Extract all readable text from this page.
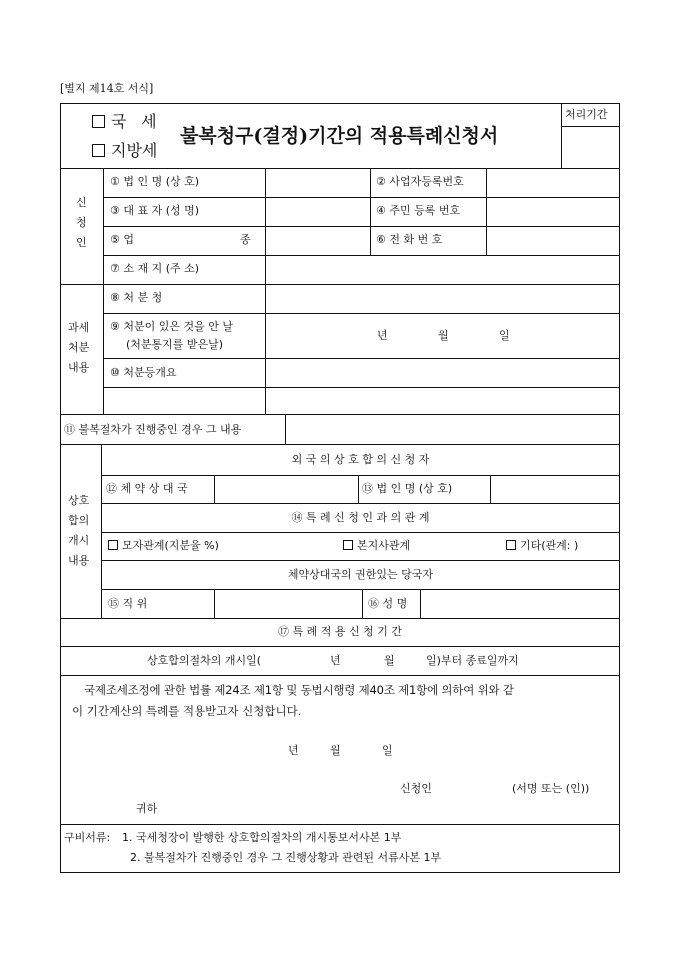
[별지 제14호 서식]
국 세
지방세
불복청구(결정)기간의 적용특례신청서
처리기간
신
청
인
① 법 인 명 (상 호)	② 사업자등록번호
③ 대 표 자 (성 명)	④ 주민 등록 번호
⑤ 업	종	⑥ 전 화 번 호
⑦ 소 재 지 (주 소)
과세
처분
내용
⑧ 처 분 청
⑨ 처분이 있은 것을 안 날
(처분통지를 받은날)
년	월	일
⑩ 처분등개요
⑪ 불복절차가 진행중인 경우 그 내용
상호
합의
개시
내용
외 국 의 상 호 합 의 신 청 자
⑫ 체 약 상 대 국	⑬ 법 인 명 (상 호)
⑭ 특 례 신 청 인 과 의 관 계
모자관계(지분율 %)	본지사관계	기타(관계: )
체약상대국의 권한있는 당국자
⑮ 직 위	⑯ 성 명
⑰ 특 례 적 용 신 청 기 간
상호합의절차의 개시일(	년	월	일)부터 종료일까지
국제조세조정에 관한 법률 제24조 제1항 및 동법시행령 제40조 제1항에 의하여 위와 같
이 기간계산의 특례를 적용받고자 신청합니다.
년	월	일
신청인	(서명 또는 (인))
귀하
구비서류: 1. 국세청장이 발행한 상호합의절차의 개시통보서사본 1부
2. 불복절차가 진행중인 경우 그 진행상황과 관련된 서류사본 1부
